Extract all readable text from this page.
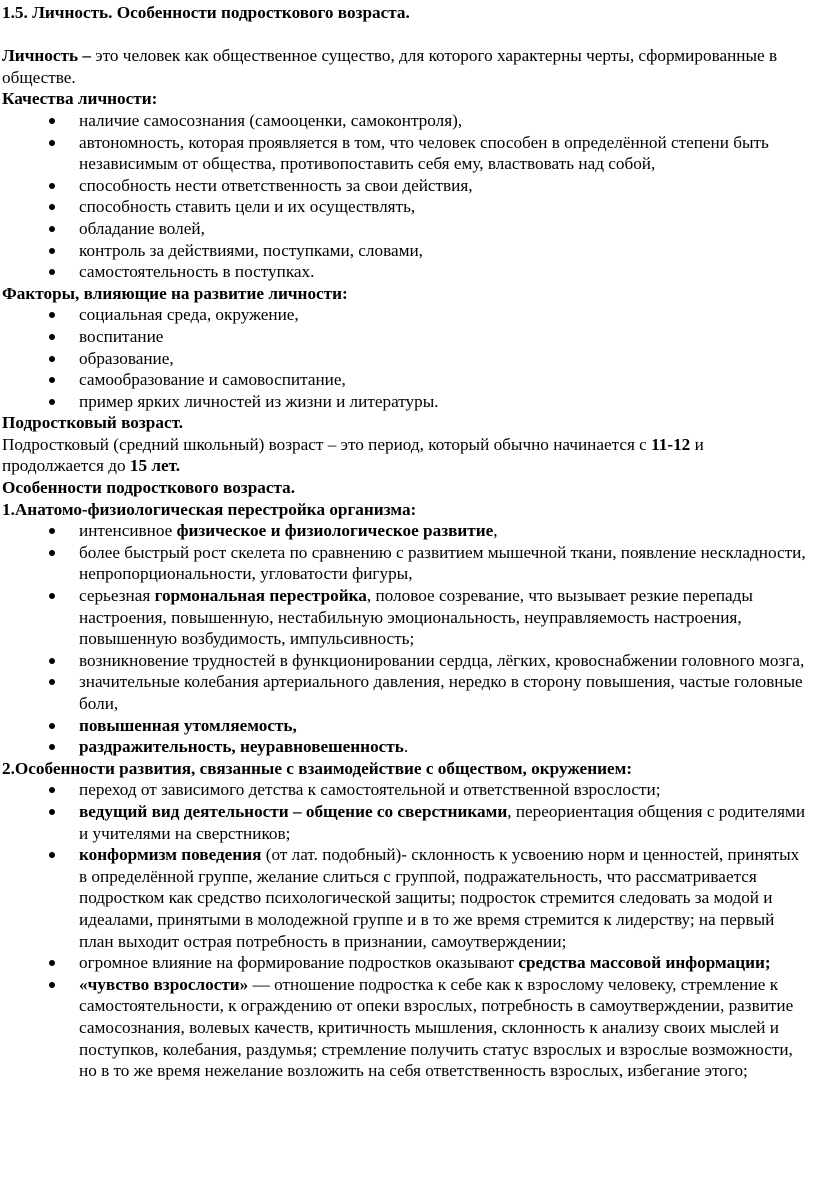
1.5. Личность. Особенности подросткового возраста.

Личность – это человек как общественное существо, для которого характерны черты, сформированные в обществе.

Качества личности:

наличие самосознания (самооценки, самоконтроля),
автономность, которая проявляется в том, что человек способен в определённой степени быть независимым от общества, противопоставить себя ему, властвовать над собой,
способность нести ответственность за свои действия,
способность ставить цели и их осуществлять,
обладание волей,
контроль за действиями, поступками, словами,
самостоятельность в поступках.

Факторы, влияющие на развитие личности:

социальная среда, окружение,
воспитание
образование,
самообразование и самовоспитание,
пример ярких личностей из жизни и литературы.

Подростковый возраст.

Подростковый (средний школьный) возраст – это период, который обычно начинается с 11-12 и продолжается до 15 лет.

Особенности подросткового возраста.

1.Анатомо-физиологическая перестройка организма:

интенсивное физическое и физиологическое развитие,
более быстрый рост скелета по сравнению с развитием мышечной ткани, появление нескладности, непропорциональности, угловатости фигуры,
серьезная гормональная перестройка, половое созревание, что вызывает резкие перепады настроения, повышенную, нестабильную эмоциональность, неуправляемость настроения, повышенную возбудимость, импульсивность;
возникновение трудностей в функционировании сердца, лёгких, кровоснабжении головного мозга,
значительные колебания артериального давления, нередко в сторону повышения, частые головные боли,
повышенная утомляемость,
раздражительность, неуравновешенность.

2.Особенности развития, связанные с взаимодействие с обществом, окружением:

переход от зависимого детства к самостоятельной и ответственной взрослости;
ведущий вид деятельности – общение со сверстниками, переориентация общения с родителями и учителями на сверстников;
конформизм поведения (от лат. подобный)- склонность к усвоению норм и ценностей, принятых в определённой группе, желание слиться с группой, подражательность, что рассматривается подростком как средство психологической защиты; подросток стремится следовать за модой и идеалами, принятыми в молодежной группе и в то же время стремится к лидерству; на первый план выходит острая потребность в признании, самоутверждении;
огромное влияние на формирование подростков оказывают средства массовой информации;
«чувство взрослости» — отношение подростка к себе как к взрослому человеку, стремление к самостоятельности, к ограждению от опеки взрослых, потребность в самоутверждении, развитие самосознания, волевых качеств, критичность мышления, склонность к анализу своих мыслей и поступков, колебания, раздумья; стремление получить статус взрослых и взрослые возможности, но в то же время нежелание возложить на себя ответственность взрослых, избегание этого;
